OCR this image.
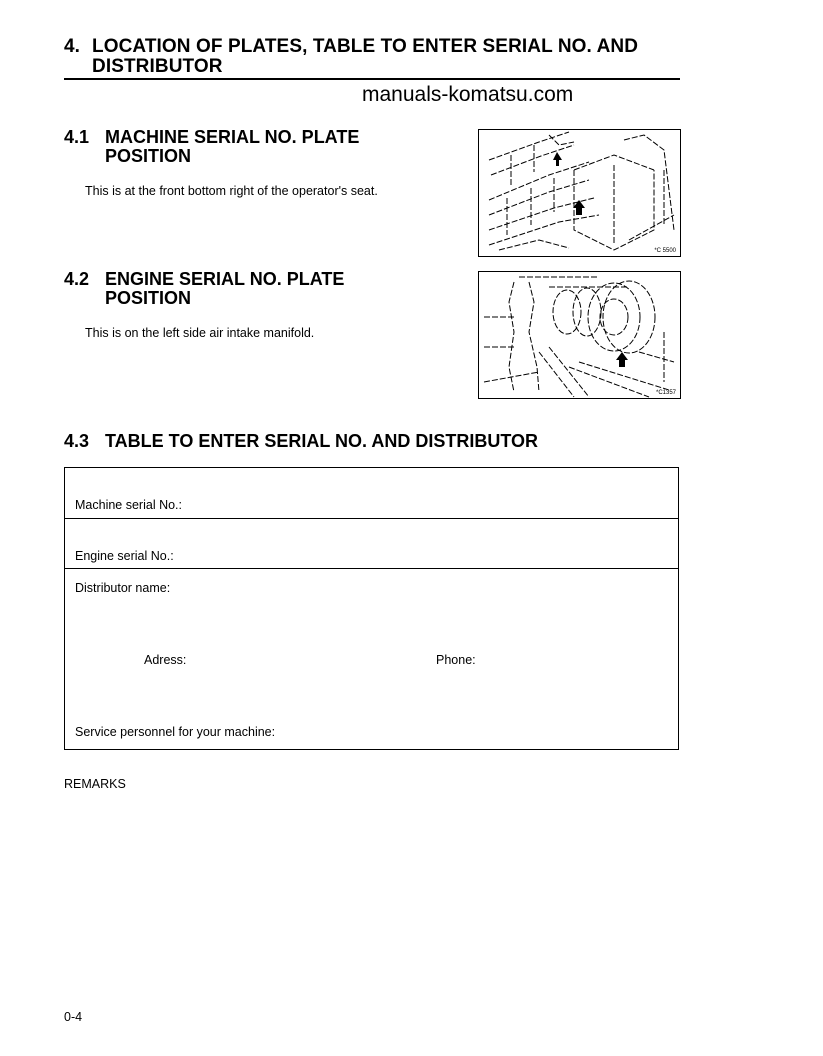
4. LOCATION OF PLATES, TABLE TO ENTER SERIAL NO. AND
DISTRIBUTOR
manuals-komatsu.com
4.1 MACHINE SERIAL NO. PLATE
POSITION
This is at the front bottom right of the operator's seat.
*C 5500
4.2 ENGINE SERIAL NO. PLATE
POSITION
This is on the left side air intake manifold.
*C1357
4.3 TABLE TO ENTER SERIAL NO. AND DISTRIBUTOR
Machine serial No.:
Engine serial No.:
Distributor name:
Adress:	Phone:
Service personnel for your machine:
REMARKS
0-4
